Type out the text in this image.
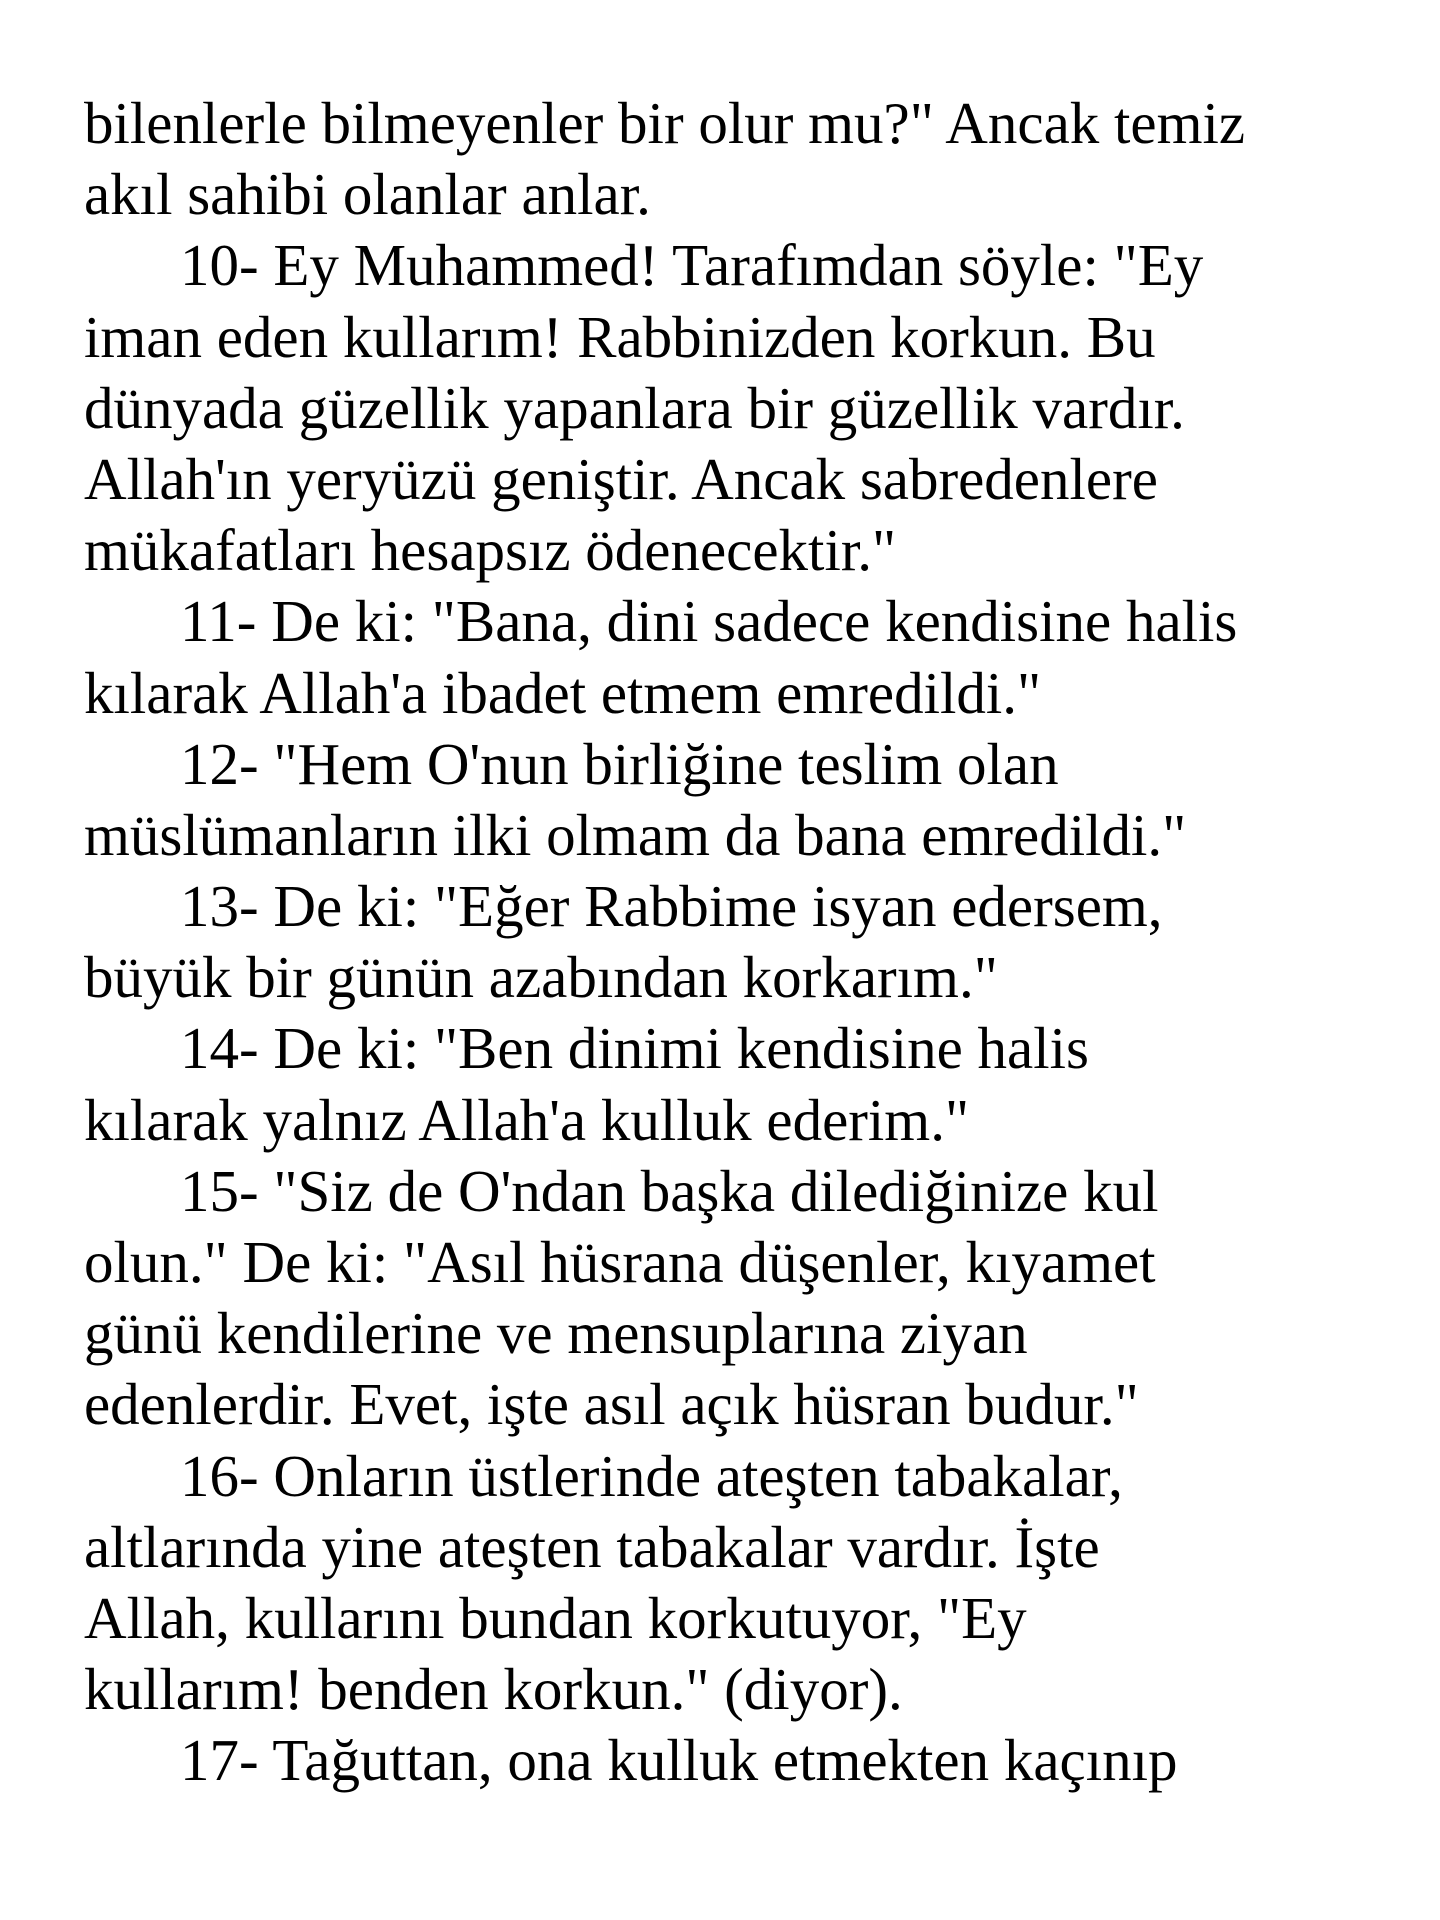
bilenlerle bilmeyenler bir olur mu?" Ancak temiz
akıl sahibi olanlar anlar.
10- Ey Muhammed! Tarafımdan söyle: "Ey
iman eden kullarım! Rabbinizden korkun. Bu
dünyada güzellik yapanlara bir güzellik vardır.
Allah'ın yeryüzü geniştir. Ancak sabredenlere
mükafatları hesapsız ödenecektir."
11- De ki: "Bana, dini sadece kendisine halis
kılarak Allah'a ibadet etmem emredildi."
12- "Hem O'nun birliğine teslim olan
müslümanların ilki olmam da bana emredildi."
13- De ki: "Eğer Rabbime isyan edersem,
büyük bir günün azabından korkarım."
14- De ki: "Ben dinimi kendisine halis
kılarak yalnız Allah'a kulluk ederim."
15- "Siz de O'ndan başka dilediğinize kul
olun." De ki: "Asıl hüsrana düşenler, kıyamet
günü kendilerine ve mensuplarına ziyan
edenlerdir. Evet, işte asıl açık hüsran budur."
16- Onların üstlerinde ateşten tabakalar,
altlarında yine ateşten tabakalar vardır. İşte
Allah, kullarını bundan korkutuyor, "Ey
kullarım! benden korkun." (diyor).
17- Tağuttan, ona kulluk etmekten kaçınıp
